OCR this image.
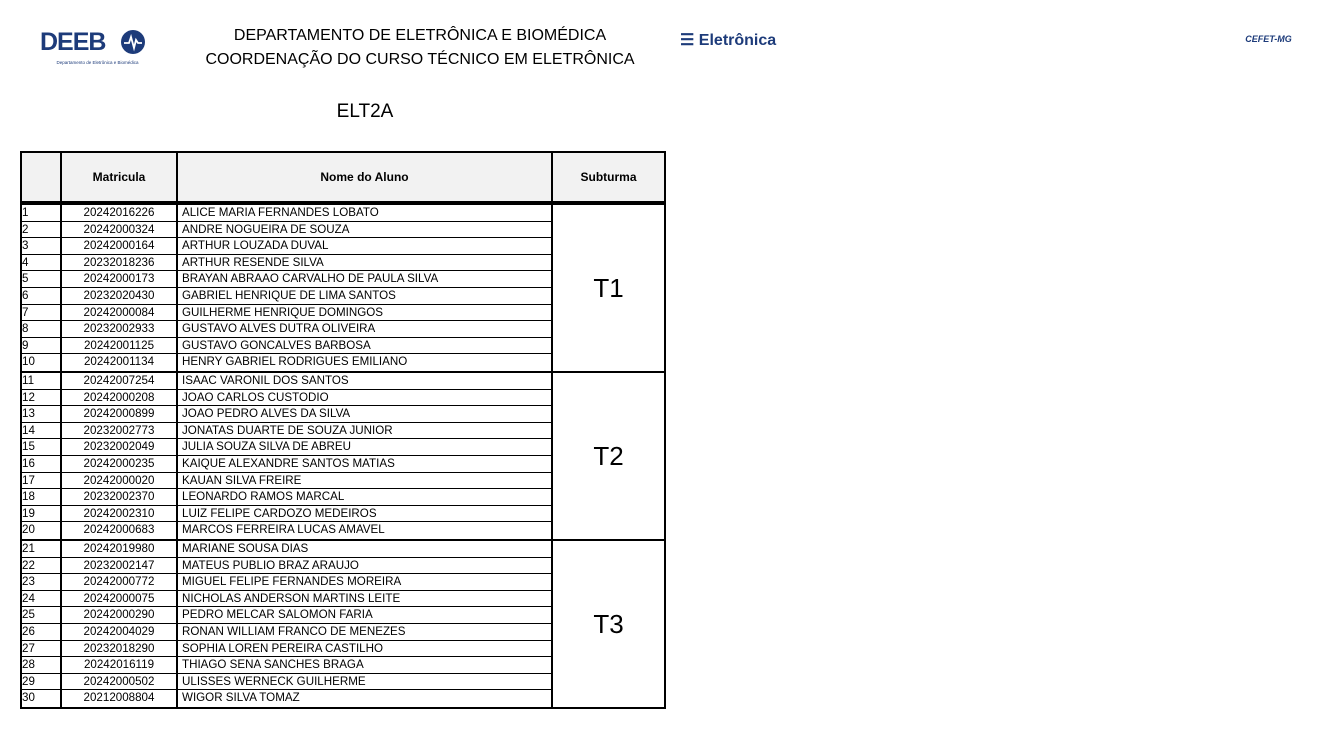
DEEB
Departamento de Eletrônica e Biomédica
DEPARTAMENTO DE ELETRÔNICA E BIOMÉDICA
COORDENAÇÃO DO CURSO TÉCNICO EM ELETRÔNICA
☰ Eletrônica	CEFET-MG
ELT2A
Matricula	Nome do Aluno	Subturma
1	20242016226	ALICE MARIA FERNANDES LOBATO
2	20242000324	ANDRE NOGUEIRA DE SOUZA
3	20242000164	ARTHUR LOUZADA DUVAL
4	20232018236	ARTHUR RESENDE SILVA
5	20242000173	BRAYAN ABRAAO CARVALHO DE PAULA SILVA
6	20232020430	GABRIEL HENRIQUE DE LIMA SANTOS
7	20242000084	GUILHERME HENRIQUE DOMINGOS
8	20232002933	GUSTAVO ALVES DUTRA OLIVEIRA
9	20242001125	GUSTAVO GONCALVES BARBOSA
10	20242001134	HENRY GABRIEL RODRIGUES EMILIANO
T1
11	20242007254	ISAAC VARONIL DOS SANTOS
12	20242000208	JOAO CARLOS CUSTODIO
13	20242000899	JOAO PEDRO ALVES DA SILVA
14	20232002773	JONATAS DUARTE DE SOUZA JUNIOR
15	20232002049	JULIA SOUZA SILVA DE ABREU
16	20242000235	KAIQUE ALEXANDRE SANTOS MATIAS
17	20242000020	KAUAN SILVA FREIRE
18	20232002370	LEONARDO RAMOS MARCAL
19	20242002310	LUIZ FELIPE CARDOZO MEDEIROS
20	20242000683	MARCOS FERREIRA LUCAS AMAVEL
T2
21	20242019980	MARIANE SOUSA DIAS
22	20232002147	MATEUS PUBLIO BRAZ ARAUJO
23	20242000772	MIGUEL FELIPE FERNANDES MOREIRA
24	20242000075	NICHOLAS ANDERSON MARTINS LEITE
25	20242000290	PEDRO MELCAR SALOMON FARIA
26	20242004029	RONAN WILLIAM FRANCO DE MENEZES
27	20232018290	SOPHIA LOREN PEREIRA CASTILHO
28	20242016119	THIAGO SENA SANCHES BRAGA
29	20242000502	ULISSES WERNECK GUILHERME
30	20212008804	WIGOR SILVA TOMAZ
T3
